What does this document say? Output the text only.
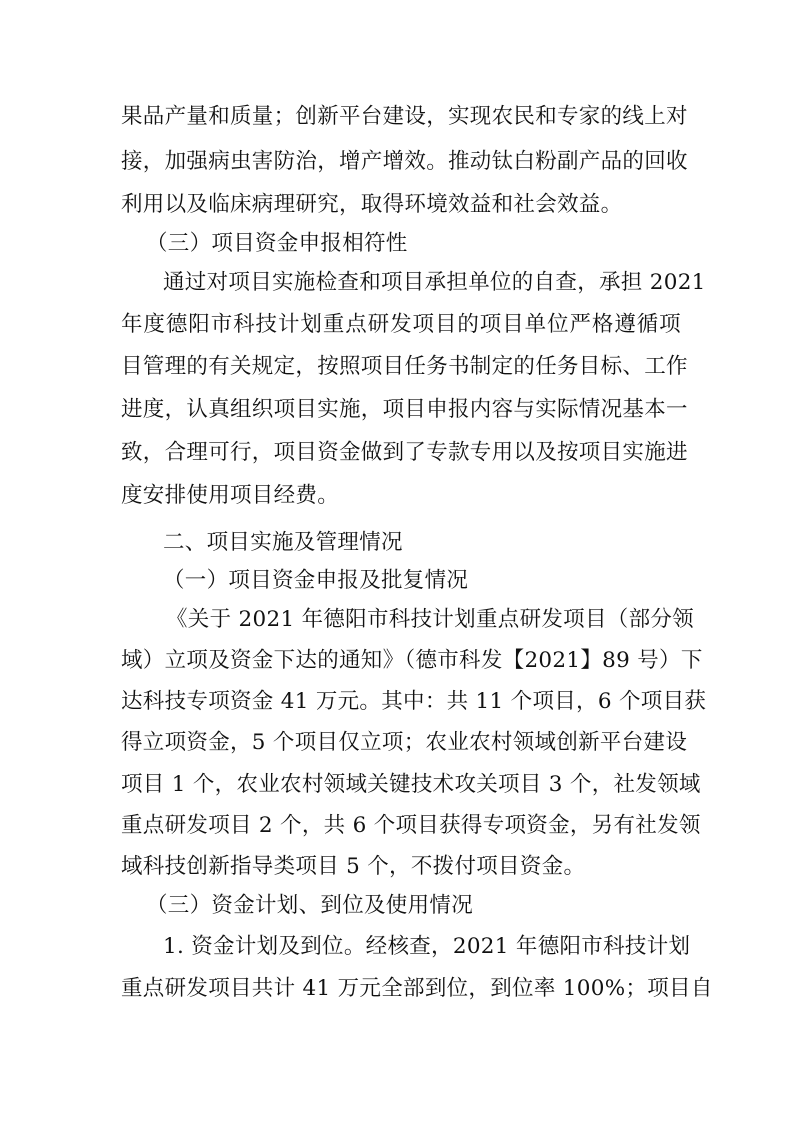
果品产量和质量；创新平台建设，实现农民和专家的线上对
接，加强病虫害防治，增产增效。推动钛白粉副产品的回收
利用以及临床病理研究，取得环境效益和社会效益。
（三）项目资金申报相符性
通过对项目实施检查和项目承担单位的自查，承担 2021
年度德阳市科技计划重点研发项目的项目单位严格遵循项
目管理的有关规定，按照项目任务书制定的任务目标、工作
进度，认真组织项目实施，项目申报内容与实际情况基本一
致，合理可行，项目资金做到了专款专用以及按项目实施进
度安排使用项目经费。
二、项目实施及管理情况
（一）项目资金申报及批复情况
《关于 2021 年德阳市科技计划重点研发项目（部分领
域）立项及资金下达的通知》（德市科发【2021】89 号）下
达科技专项资金 41 万元。其中：共 11 个项目，6 个项目获
得立项资金，5 个项目仅立项；农业农村领域创新平台建设
项目 1 个，农业农村领域关键技术攻关项目 3 个，社发领域
重点研发项目 2 个，共 6 个项目获得专项资金，另有社发领
域科技创新指导类项目 5 个，不拨付项目资金。
（三）资金计划、到位及使用情况
1. 资金计划及到位。经核查，2021 年德阳市科技计划
重点研发项目共计 41 万元全部到位，到位率 100%；项目自
